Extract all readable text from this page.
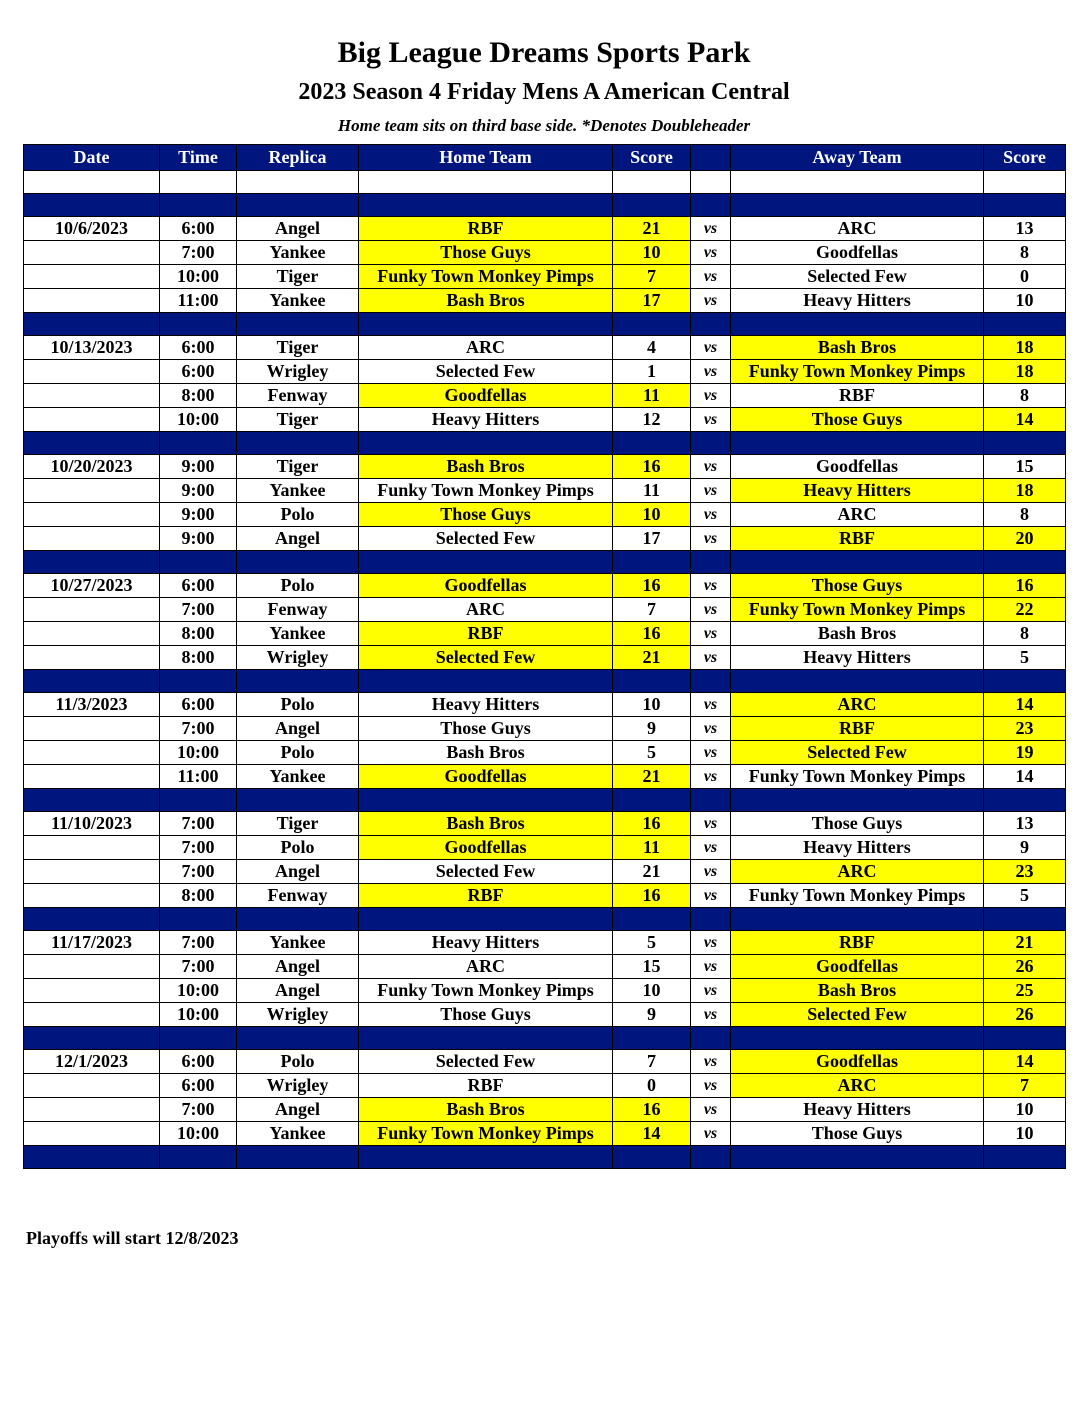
Big League Dreams Sports Park
2023 Season 4 Friday Mens A American Central
Home team sits on third base side. *Denotes Doubleheader
Date	Time	Replica	Home Team	Score		Away Team	Score

10/6/2023	6:00	Angel	RBF	21	vs	ARC	13
	7:00	Yankee	Those Guys	10	vs	Goodfellas	8
	10:00	Tiger	Funky Town Monkey Pimps	7	vs	Selected Few	0
	11:00	Yankee	Bash Bros	17	vs	Heavy Hitters	10

10/13/2023	6:00	Tiger	ARC	4	vs	Bash Bros	18
	6:00	Wrigley	Selected Few	1	vs	Funky Town Monkey Pimps	18
	8:00	Fenway	Goodfellas	11	vs	RBF	8
	10:00	Tiger	Heavy Hitters	12	vs	Those Guys	14

10/20/2023	9:00	Tiger	Bash Bros	16	vs	Goodfellas	15
	9:00	Yankee	Funky Town Monkey Pimps	11	vs	Heavy Hitters	18
	9:00	Polo	Those Guys	10	vs	ARC	8
	9:00	Angel	Selected Few	17	vs	RBF	20

10/27/2023	6:00	Polo	Goodfellas	16	vs	Those Guys	16
	7:00	Fenway	ARC	7	vs	Funky Town Monkey Pimps	22
	8:00	Yankee	RBF	16	vs	Bash Bros	8
	8:00	Wrigley	Selected Few	21	vs	Heavy Hitters	5

11/3/2023	6:00	Polo	Heavy Hitters	10	vs	ARC	14
	7:00	Angel	Those Guys	9	vs	RBF	23
	10:00	Polo	Bash Bros	5	vs	Selected Few	19
	11:00	Yankee	Goodfellas	21	vs	Funky Town Monkey Pimps	14

11/10/2023	7:00	Tiger	Bash Bros	16	vs	Those Guys	13
	7:00	Polo	Goodfellas	11	vs	Heavy Hitters	9
	7:00	Angel	Selected Few	21	vs	ARC	23
	8:00	Fenway	RBF	16	vs	Funky Town Monkey Pimps	5

11/17/2023	7:00	Yankee	Heavy Hitters	5	vs	RBF	21
	7:00	Angel	ARC	15	vs	Goodfellas	26
	10:00	Angel	Funky Town Monkey Pimps	10	vs	Bash Bros	25
	10:00	Wrigley	Those Guys	9	vs	Selected Few	26

12/1/2023	6:00	Polo	Selected Few	7	vs	Goodfellas	14
	6:00	Wrigley	RBF	0	vs	ARC	7
	7:00	Angel	Bash Bros	16	vs	Heavy Hitters	10
	10:00	Yankee	Funky Town Monkey Pimps	14	vs	Those Guys	10

Playoffs will start 12/8/2023
